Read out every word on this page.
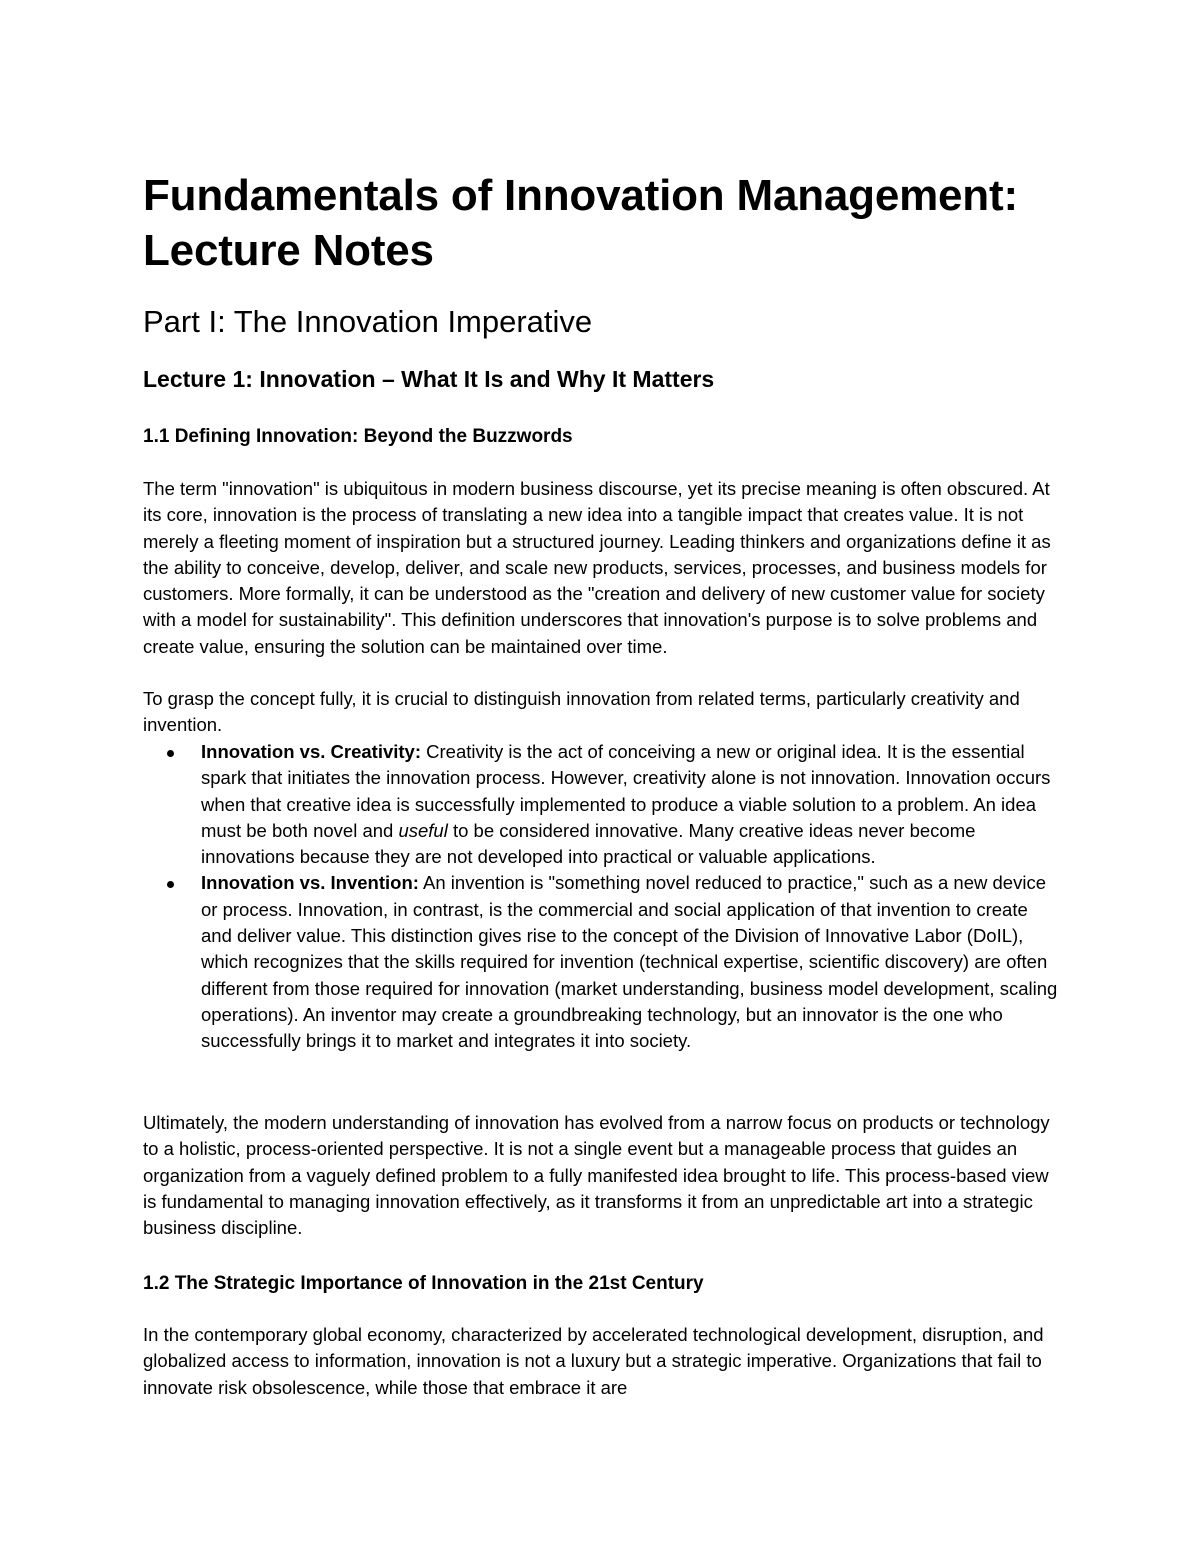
Fundamentals of Innovation Management: Lecture Notes
Part I: The Innovation Imperative
Lecture 1: Innovation – What It Is and Why It Matters
1.1 Defining Innovation: Beyond the Buzzwords

The term "innovation" is ubiquitous in modern business discourse, yet its precise meaning is often obscured. At its core, innovation is the process of translating a new idea into a tangible impact that creates value. It is not merely a fleeting moment of inspiration but a structured journey. Leading thinkers and organizations define it as the ability to conceive, develop, deliver, and scale new products, services, processes, and business models for customers. More formally, it can be understood as the "creation and delivery of new customer value for society with a model for sustainability". This definition underscores that innovation's purpose is to solve problems and create value, ensuring the solution can be maintained over time.

To grasp the concept fully, it is crucial to distinguish innovation from related terms, particularly creativity and invention.

Innovation vs. Creativity: Creativity is the act of conceiving a new or original idea. It is the essential spark that initiates the innovation process. However, creativity alone is not innovation. Innovation occurs when that creative idea is successfully implemented to produce a viable solution to a problem. An idea must be both novel and useful to be considered innovative. Many creative ideas never become innovations because they are not developed into practical or valuable applications.
Innovation vs. Invention: An invention is "something novel reduced to practice," such as a new device or process. Innovation, in contrast, is the commercial and social application of that invention to create and deliver value. This distinction gives rise to the concept of the Division of Innovative Labor (DoIL), which recognizes that the skills required for invention (technical expertise, scientific discovery) are often different from those required for innovation (market understanding, business model development, scaling operations). An inventor may create a groundbreaking technology, but an innovator is the one who successfully brings it to market and integrates it into society.

Ultimately, the modern understanding of innovation has evolved from a narrow focus on products or technology to a holistic, process-oriented perspective. It is not a single event but a manageable process that guides an organization from a vaguely defined problem to a fully manifested idea brought to life. This process-based view is fundamental to managing innovation effectively, as it transforms it from an unpredictable art into a strategic business discipline.

1.2 The Strategic Importance of Innovation in the 21st Century

In the contemporary global economy, characterized by accelerated technological development, disruption, and globalized access to information, innovation is not a luxury but a strategic imperative. Organizations that fail to innovate risk obsolescence, while those that embrace it are
